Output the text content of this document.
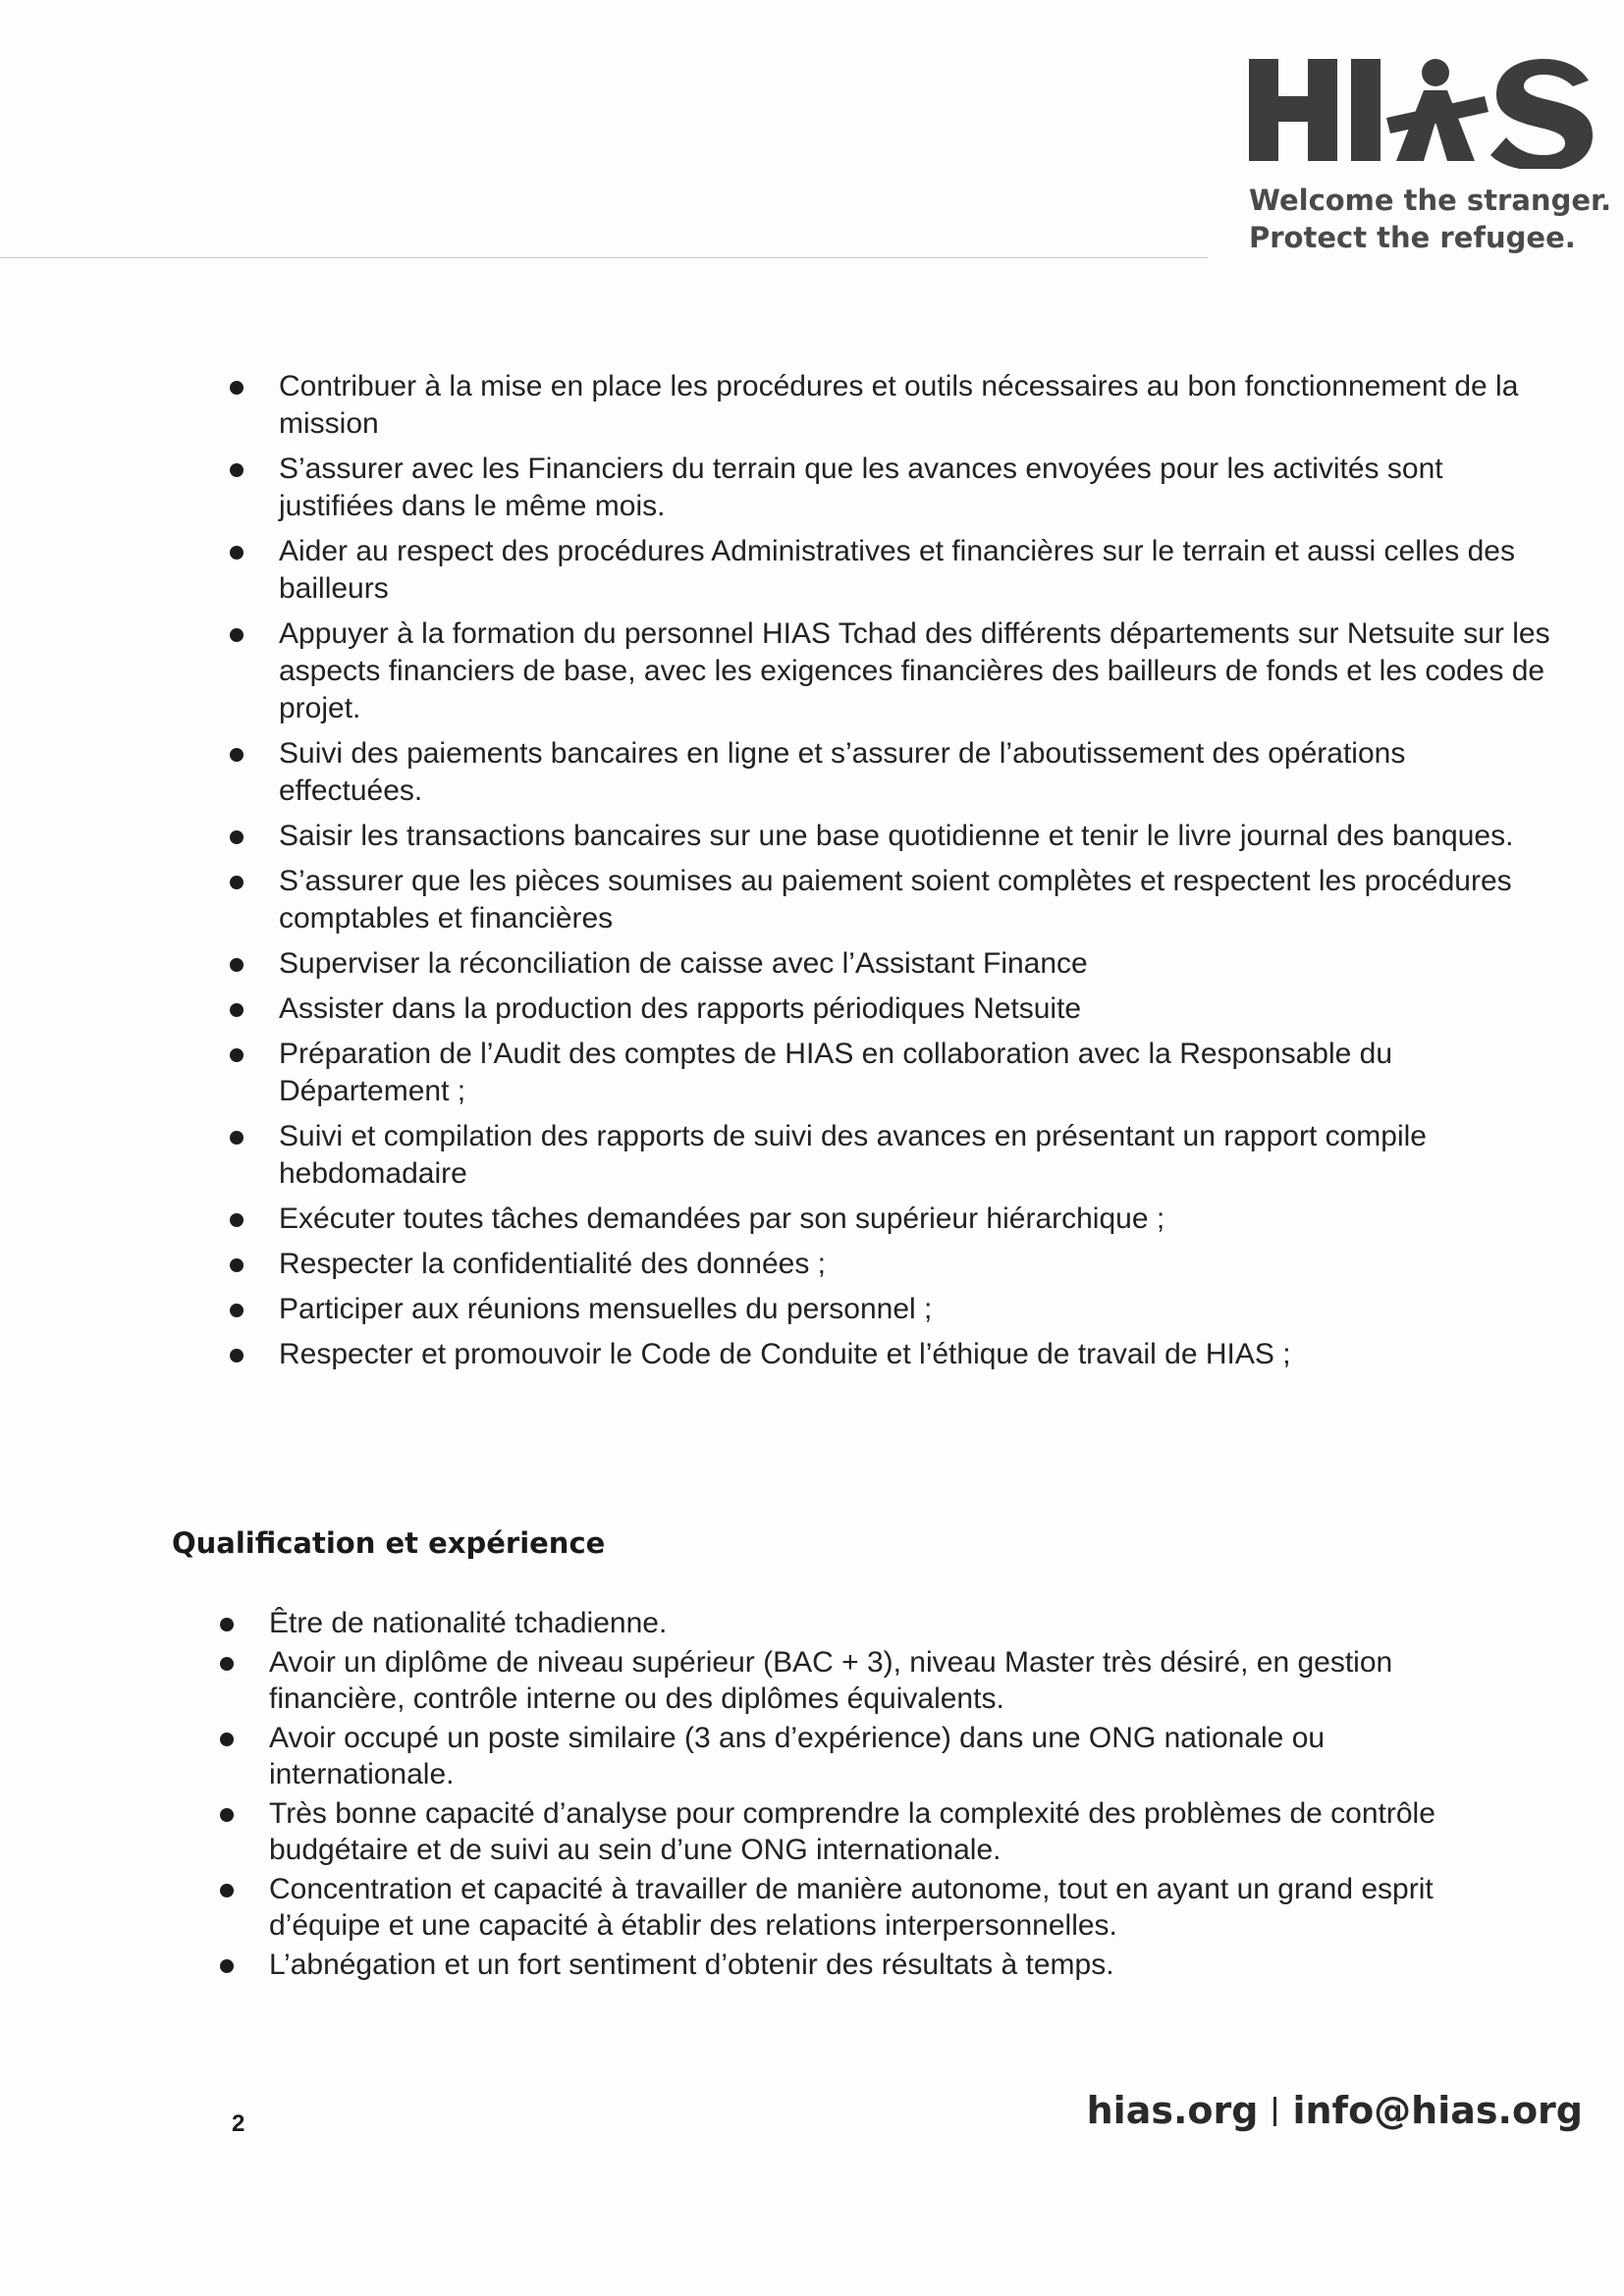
Welcome the stranger.
Protect the refugee.
Contribuer à la mise en place les procédures et outils nécessaires au bon fonctionnement de la mission
S’assurer avec les Financiers du terrain que les avances envoyées pour les activités sont justifiées dans le même mois.
Aider au respect des procédures Administratives et financières sur le terrain et aussi celles des bailleurs
Appuyer à la formation du personnel HIAS Tchad des différents départements sur Netsuite sur les aspects financiers de base, avec les exigences financières des bailleurs de fonds et les codes de projet.
Suivi des paiements bancaires en ligne et s’assurer de l’aboutissement des opérations effectuées.
Saisir les transactions bancaires sur une base quotidienne et tenir le livre journal des banques.
S’assurer que les pièces soumises au paiement soient complètes et respectent les procédures comptables et financières
Superviser la réconciliation de caisse avec l’Assistant Finance
Assister dans la production des rapports périodiques Netsuite
Préparation de l’Audit des comptes de HIAS en collaboration avec la Responsable du Département ;
Suivi et compilation des rapports de suivi des avances en présentant un rapport compile hebdomadaire
Exécuter toutes tâches demandées par son supérieur hiérarchique ;
Respecter la confidentialité des données ;
Participer aux réunions mensuelles du personnel ;
Respecter et promouvoir le Code de Conduite et l’éthique de travail de HIAS ;
Qualification et expérience
Être de nationalité tchadienne.
Avoir un diplôme de niveau supérieur (BAC + 3), niveau Master très désiré, en gestion financière, contrôle interne ou des diplômes équivalents.
Avoir occupé un poste similaire (3 ans d’expérience) dans une ONG nationale ou internationale.
Très bonne capacité d’analyse pour comprendre la complexité des problèmes de contrôle budgétaire et de suivi au sein d’une ONG internationale.
Concentration et capacité à travailler de manière autonome, tout en ayant un grand esprit d’équipe et une capacité à établir des relations interpersonnelles.
L’abnégation et un fort sentiment d’obtenir des résultats à temps.
2	hias.org info@hias.org
